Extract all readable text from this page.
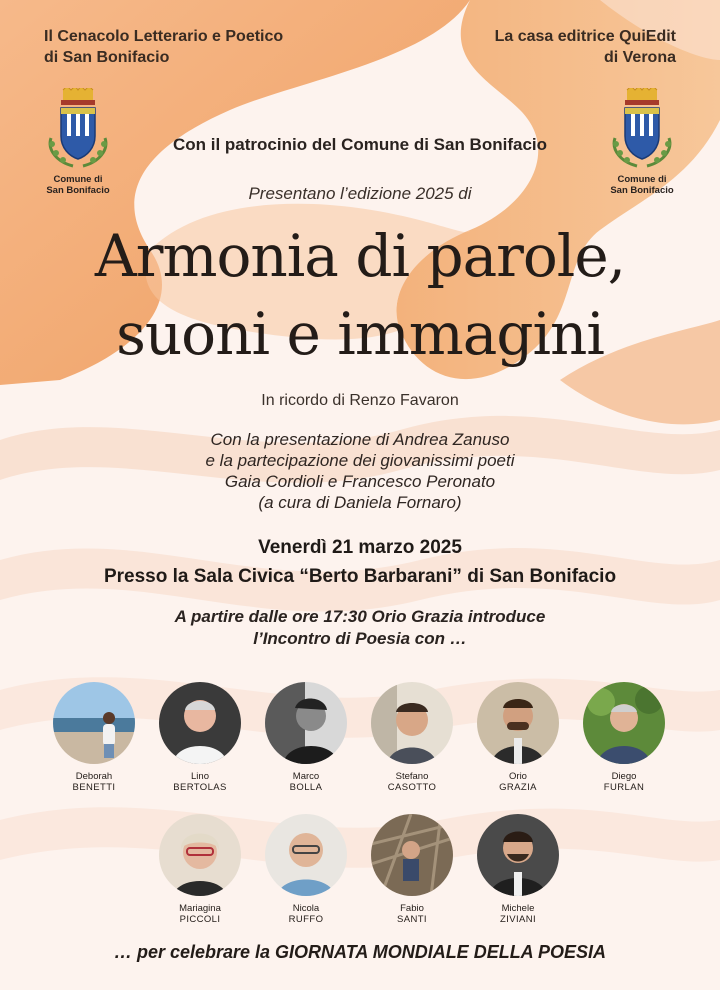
Il Cenacolo Letterario e Poetico
di San Bonifacio
La casa editrice QuiEdit
di Verona
Comune di
San Bonifacio
Comune di
San Bonifacio
Con il patrocinio del Comune di San Bonifacio
Presentano l’edizione 2025 di
Armonia di parole,
suoni e immagini
In ricordo di Renzo Favaron
Con la presentazione di Andrea Zanuso
e la partecipazione dei giovanissimi poeti
Gaia Cordioli e Francesco Peronato
(a cura di Daniela Fornaro)
Venerdì 21 marzo 2025
Presso la Sala Civica “Berto Barbarani” di San Bonifacio
A partire dalle ore 17:30 Orio Grazia introduce
l’Incontro di Poesia con …
Deborah
BENETTI
Lino
BERTOLAS
Marco
BOLLA
Stefano
CASOTTO
Orio
GRAZIA
Diego
FURLAN
Mariagina
PICCOLI
Nicola
RUFFO
Fabio
SANTI
Michele
ZIVIANI
… per celebrare la GIORNATA MONDIALE DELLA POESIA
